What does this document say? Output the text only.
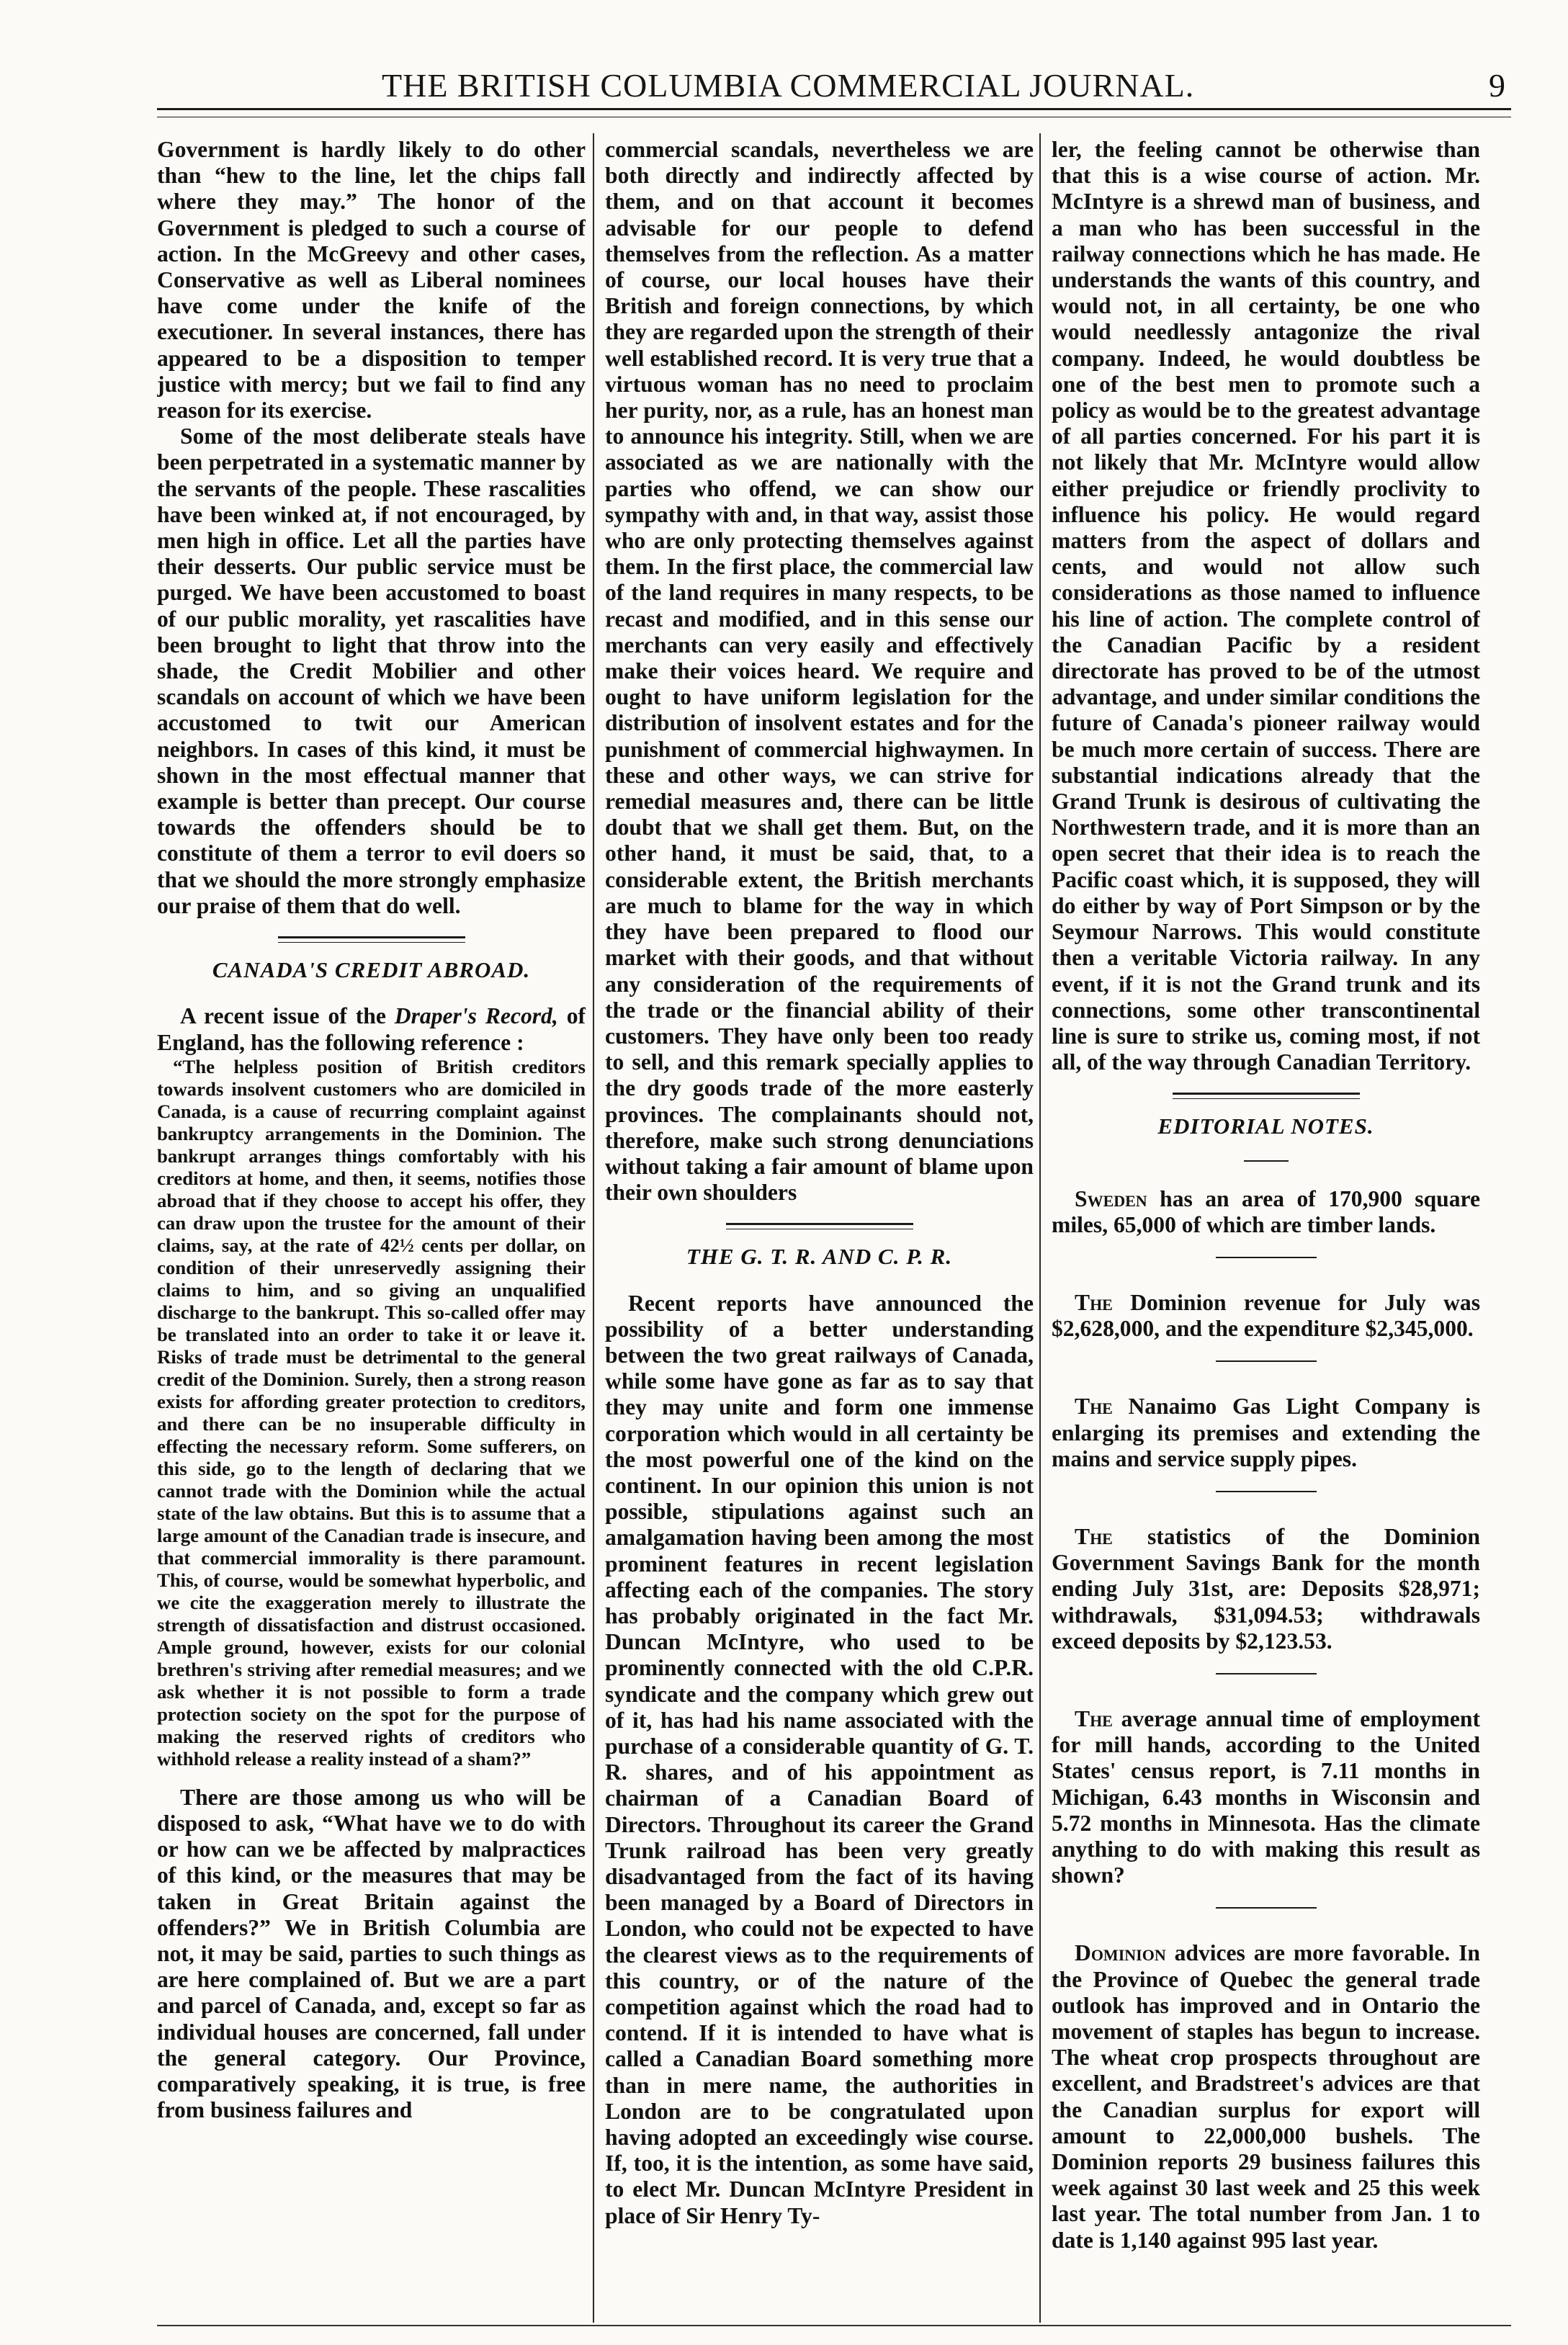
THE BRITISH COLUMBIA COMMERCIAL JOURNAL.	9

Government is hardly likely to do other than “hew to the line, let the chips fall where they may.” The honor of the Government is pledged to such a course of action. In the McGreevy and other cases, Conservative as well as Liberal nominees have come under the knife of the executioner. In several instances, there has appeared to be a disposition to temper justice with mercy; but we fail to find any reason for its exercise.

Some of the most deliberate steals have been perpetrated in a systematic manner by the servants of the people. These rascalities have been winked at, if not encouraged, by men high in office. Let all the parties have their desserts. Our public service must be purged. We have been accustomed to boast of our public morality, yet rascalities have been brought to light that throw into the shade, the Credit Mobilier and other scandals on account of which we have been accustomed to twit our American neighbors. In cases of this kind, it must be shown in the most effectual manner that example is better than precept. Our course towards the offenders should be to constitute of them a terror to evil doers so that we should the more strongly emphasize our praise of them that do well.

CANADA'S CREDIT ABROAD.

A recent issue of the Draper's Record, of England, has the following reference :

“The helpless position of British creditors towards insolvent customers who are domiciled in Canada, is a cause of recurring complaint against bankruptcy arrangements in the Dominion. The bankrupt arranges things comfortably with his creditors at home, and then, it seems, notifies those abroad that if they choose to accept his offer, they can draw upon the trustee for the amount of their claims, say, at the rate of 42½ cents per dollar, on condition of their unreservedly assigning their claims to him, and so giving an unqualified discharge to the bankrupt. This so-called offer may be translated into an order to take it or leave it. Risks of trade must be detrimental to the general credit of the Dominion. Surely, then a strong reason exists for affording greater protection to creditors, and there can be no insuperable difficulty in effecting the necessary reform. Some sufferers, on this side, go to the length of declaring that we cannot trade with the Dominion while the actual state of the law obtains. But this is to assume that a large amount of the Canadian trade is insecure, and that commercial immorality is there paramount. This, of course, would be somewhat hyperbolic, and we cite the exaggeration merely to illustrate the strength of dissatisfaction and distrust occasioned. Ample ground, however, exists for our colonial brethren's striving after remedial measures; and we ask whether it is not possible to form a trade protection society on the spot for the purpose of making the reserved rights of creditors who withhold release a reality instead of a sham?”

There are those among us who will be disposed to ask, “What have we to do with or how can we be affected by malpractices of this kind, or the measures that may be taken in Great Britain against the offenders?” We in British Columbia are not, it may be said, parties to such things as are here complained of. But we are a part and parcel of Canada, and, except so far as individual houses are concerned, fall under the general category. Our Province, comparatively speaking, it is true, is free from business failures and

commercial scandals, nevertheless we are both directly and indirectly affected by them, and on that account it becomes advisable for our people to defend themselves from the reflection. As a matter of course, our local houses have their British and foreign connections, by which they are regarded upon the strength of their well established record. It is very true that a virtuous woman has no need to proclaim her purity, nor, as a rule, has an honest man to announce his integrity. Still, when we are associated as we are nationally with the parties who offend, we can show our sympathy with and, in that way, assist those who are only protecting themselves against them. In the first place, the commercial law of the land requires in many respects, to be recast and modified, and in this sense our merchants can very easily and effectively make their voices heard. We require and ought to have uniform legislation for the distribution of insolvent estates and for the punishment of commercial highwaymen. In these and other ways, we can strive for remedial measures and, there can be little doubt that we shall get them. But, on the other hand, it must be said, that, to a considerable extent, the British merchants are much to blame for the way in which they have been prepared to flood our market with their goods, and that without any consideration of the requirements of the trade or the financial ability of their customers. They have only been too ready to sell, and this remark specially applies to the dry goods trade of the more easterly provinces. The complainants should not, therefore, make such strong denunciations without taking a fair amount of blame upon their own shoulders

THE G. T. R. AND C. P. R.

Recent reports have announced the possibility of a better understanding between the two great railways of Canada, while some have gone as far as to say that they may unite and form one immense corporation which would in all certainty be the most powerful one of the kind on the continent. In our opinion this union is not possible, stipulations against such an amalgamation having been among the most prominent features in recent legislation affecting each of the companies. The story has probably originated in the fact Mr. Duncan McIntyre, who used to be prominently connected with the old C.P.R. syndicate and the company which grew out of it, has had his name associated with the purchase of a considerable quantity of G. T. R. shares, and of his appointment as chairman of a Canadian Board of Directors. Throughout its career the Grand Trunk railroad has been very greatly disadvantaged from the fact of its having been managed by a Board of Directors in London, who could not be expected to have the clearest views as to the requirements of this country, or of the nature of the competition against which the road had to contend. If it is intended to have what is called a Canadian Board something more than in mere name, the authorities in London are to be congratulated upon having adopted an exceedingly wise course. If, too, it is the intention, as some have said, to elect Mr. Duncan McIntyre President in place of Sir Henry Ty-

ler, the feeling cannot be otherwise than that this is a wise course of action. Mr. McIntyre is a shrewd man of business, and a man who has been successful in the railway connections which he has made. He understands the wants of this country, and would not, in all certainty, be one who would needlessly antagonize the rival company. Indeed, he would doubtless be one of the best men to promote such a policy as would be to the greatest advantage of all parties concerned. For his part it is not likely that Mr. McIntyre would allow either prejudice or friendly proclivity to influence his policy. He would regard matters from the aspect of dollars and cents, and would not allow such considerations as those named to influence his line of action. The complete control of the Canadian Pacific by a resident directorate has proved to be of the utmost advantage, and under similar conditions the future of Canada's pioneer railway would be much more certain of success. There are substantial indications already that the Grand Trunk is desirous of cultivating the Northwestern trade, and it is more than an open secret that their idea is to reach the Pacific coast which, it is supposed, they will do either by way of Port Simpson or by the Seymour Narrows. This would constitute then a veritable Victoria railway. In any event, if it is not the Grand trunk and its connections, some other transcontinental line is sure to strike us, coming most, if not all, of the way through Canadian Territory.

EDITORIAL NOTES.

Sweden has an area of 170,900 square miles, 65,000 of which are timber lands.

The Dominion revenue for July was $2,628,000, and the expenditure $2,345,000.

The Nanaimo Gas Light Company is enlarging its premises and extending the mains and service supply pipes.

The statistics of the Dominion Government Savings Bank for the month ending July 31st, are: Deposits $28,971; withdrawals, $31,094.53; withdrawals exceed deposits by $2,123.53.

The average annual time of employment for mill hands, according to the United States' census report, is 7.11 months in Michigan, 6.43 months in Wisconsin and 5.72 months in Minnesota. Has the climate anything to do with making this result as shown?

Dominion advices are more favorable. In the Province of Quebec the general trade outlook has improved and in Ontario the movement of staples has begun to increase. The wheat crop prospects throughout are excellent, and Bradstreet's advices are that the Canadian surplus for export will amount to 22,000,000 bushels. The Dominion reports 29 business failures this week against 30 last week and 25 this week last year. The total number from Jan. 1 to date is 1,140 against 995 last year.
